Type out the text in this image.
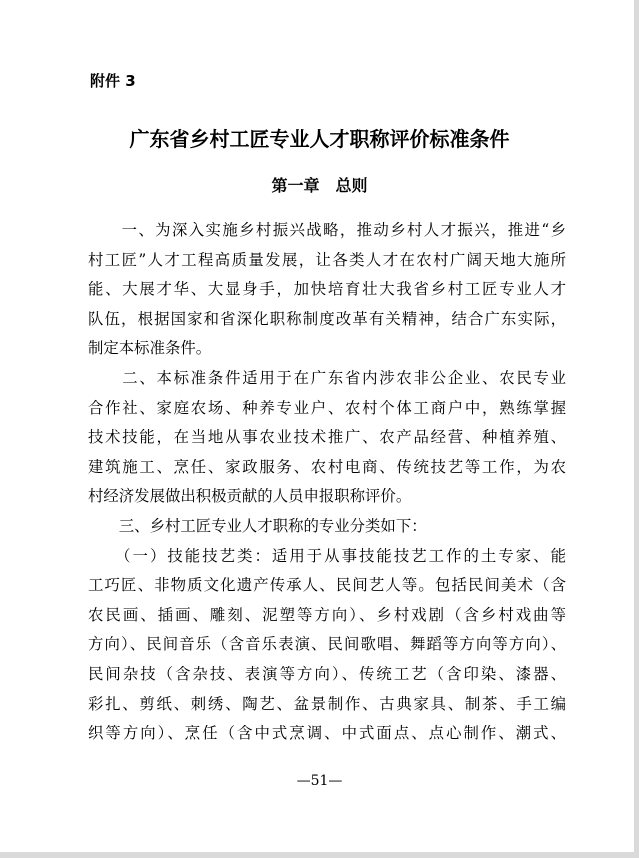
附件 3
广东省乡村工匠专业人才职称评价标准条件
第一章　总则
　　一、为深入实施乡村振兴战略，推动乡村人才振兴，推进“乡
村工匠”人才工程高质量发展，让各类人才在农村广阔天地大施所
能、大展才华、大显身手，加快培育壮大我省乡村工匠专业人才
队伍，根据国家和省深化职称制度改革有关精神，结合广东实际，
制定本标准条件。
　　二、本标准条件适用于在广东省内涉农非公企业、农民专业
合作社、家庭农场、种养专业户、农村个体工商户中，熟练掌握
技术技能，在当地从事农业技术推广、农产品经营、种植养殖、
建筑施工、烹任、家政服务、农村电商、传统技艺等工作，为农
村经济发展做出积极贡献的人员申报职称评价。
　　三、乡村工匠专业人才职称的专业分类如下：
　　（一）技能技艺类：适用于从事技能技艺工作的土专家、能
工巧匠、非物质文化遗产传承人、民间艺人等。包括民间美术（含
农民画、插画、雕刻、泥塑等方向）、乡村戏剧（含乡村戏曲等
方向）、民间音乐（含音乐表演、民间歌唱、舞蹈等方向等方向）、
民间杂技（含杂技、表演等方向）、传统工艺（含印染、漆器、
彩扎、剪纸、刺绣、陶艺、盆景制作、古典家具、制茶、手工编
织等方向）、烹任（含中式烹调、中式面点、点心制作、潮式、
—51—
